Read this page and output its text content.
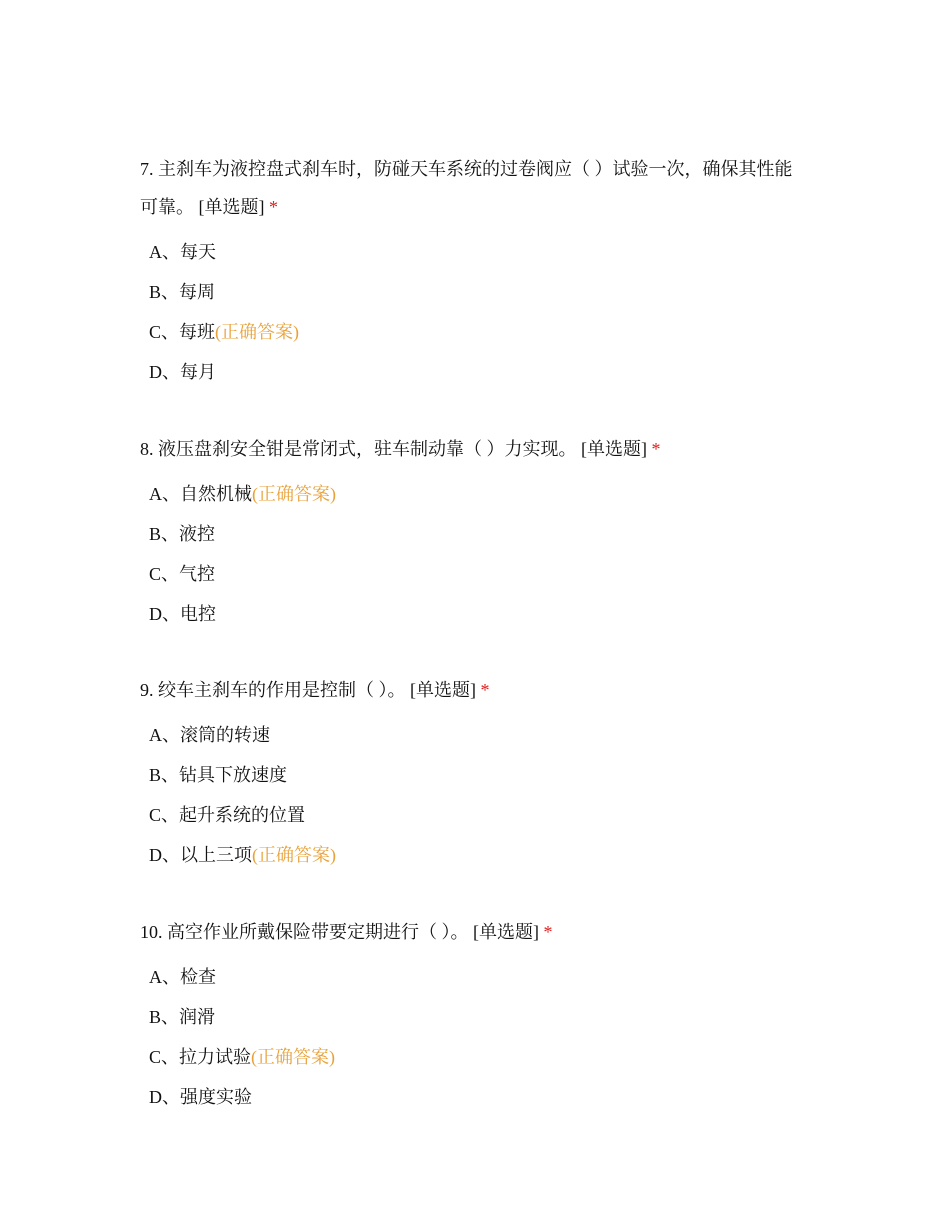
7. 主刹车为液控盘式刹车时，防碰天车系统的过卷阀应（ ）试验一次，确保其性能可靠。 [单选题] *

A、每天
B、每周
C、每班(正确答案)
D、每月

8. 液压盘刹安全钳是常闭式，驻车制动靠（ ）力实现。 [单选题] *

A、自然机械(正确答案)
B、液控
C、气控
D、电控

9. 绞车主刹车的作用是控制（ ）。 [单选题] *

A、滚筒的转速
B、钻具下放速度
C、起升系统的位置
D、以上三项(正确答案)

10. 高空作业所戴保险带要定期进行（ ）。 [单选题] *

A、检查
B、润滑
C、拉力试验(正确答案)
D、强度实验
